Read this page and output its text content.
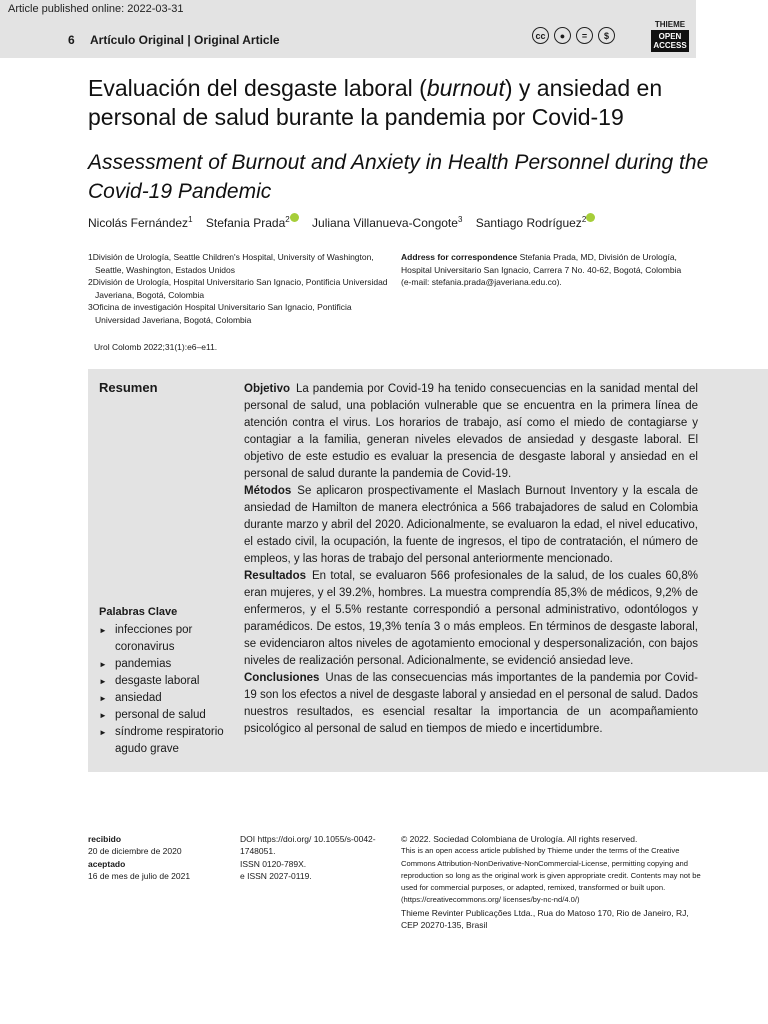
Article published online: 2022-03-31
6 Artículo Original | Original Article	cc	●	=	$
THIEME
OPEN ACCESS
Evaluación del desgaste laboral (burnout) y ansiedad en personal de salud burante la pandemia por Covid-19
Assessment of Burnout and Anxiety in Health Personnel during the Covid-19 Pandemic
Nicolás Fernández$^1$ Stefania Prada$^2$ Juliana Villanueva-Congote$^3$ Santiago Rodríguez$^2$

1División de Urología, Seattle Children's Hospital, University of Washington, Seattle, Washington, Estados Unidos

2División de Urología, Hospital Universitario San Ignacio, Pontificia Universidad Javeriana, Bogotá, Colombia

3Oficina de investigación Hospital Universitario San Ignacio, Pontificia Universidad Javeriana, Bogotá, Colombia

Address for correspondence Stefania Prada, MD, División de Urología, Hospital Universitario San Ignacio, Carrera 7 No. 40-62, Bogotá, Colombia (e-mail: stefania.prada@javeriana.edu.co).
Urol Colomb 2022;31(1):e6–e11.
Resumen
Palabras Clave
► infecciones por coronavirus
► pandemias
► desgaste laboral
► ansiedad
► personal de salud
► síndrome respiratorio agudo grave

Objetivo La pandemia por Covid-19 ha tenido consecuencias en la sanidad mental del personal de salud, una población vulnerable que se encuentra en la primera línea de atención contra el virus. Los horarios de trabajo, así como el miedo de contagiarse y contagiar a la familia, generan niveles elevados de ansiedad y desgaste laboral. El objetivo de este estudio es evaluar la presencia de desgaste laboral y ansiedad en el personal de salud durante la pandemia de Covid-19.

Métodos Se aplicaron prospectivamente el Maslach Burnout Inventory y la escala de ansiedad de Hamilton de manera electrónica a 566 trabajadores de salud en Colombia durante marzo y abril del 2020. Adicionalmente, se evaluaron la edad, el nivel educativo, el estado civil, la ocupación, la fuente de ingresos, el tipo de contratación, el número de empleos, y las horas de trabajo del personal anteriormente mencionado.

Resultados En total, se evaluaron 566 profesionales de la salud, de los cuales 60,8% eran mujeres, y el 39.2%, hombres. La muestra comprendía 85,3% de médicos, 9,2% de enfermeros, y el 5.5% restante correspondió a personal administrativo, odontólogos y paramédicos. De estos, 19,3% tenía 3 o más empleos. En términos de desgaste laboral, se evidenciaron altos niveles de agotamiento emocional y despersonalización, con bajos niveles de realización personal. Adicionalmente, se evidenció ansiedad leve.

Conclusiones Unas de las consecuencias más importantes de la pandemia por Covid-19 son los efectos a nivel de desgaste laboral y ansiedad en el personal de salud. Dados nuestros resultados, es esencial resaltar la importancia de un acompañamiento psicológico al personal de salud en tiempos de miedo e incertidumbre.

recibido
20 de diciembre de 2020
aceptado
16 de mes de julio de 2021
DOI https://doi.org/ 10.1055/s-0042-1748051.
ISSN 0120-789X.
e ISSN 2027-0119.
© 2022. Sociedad Colombiana de Urología. All rights reserved.
This is an open access article published by Thieme under the terms of the Creative Commons Attribution-NonDerivative-NonCommercial-License, permitting copying and reproduction so long as the original work is given appropriate credit. Contents may not be used for commercial purposes, or adapted, remixed, transformed or built upon. (https://creativecommons.org/ licenses/by-nc-nd/4.0/)
Thieme Revinter Publicações Ltda., Rua do Matoso 170, Rio de Janeiro, RJ, CEP 20270-135, Brasil
